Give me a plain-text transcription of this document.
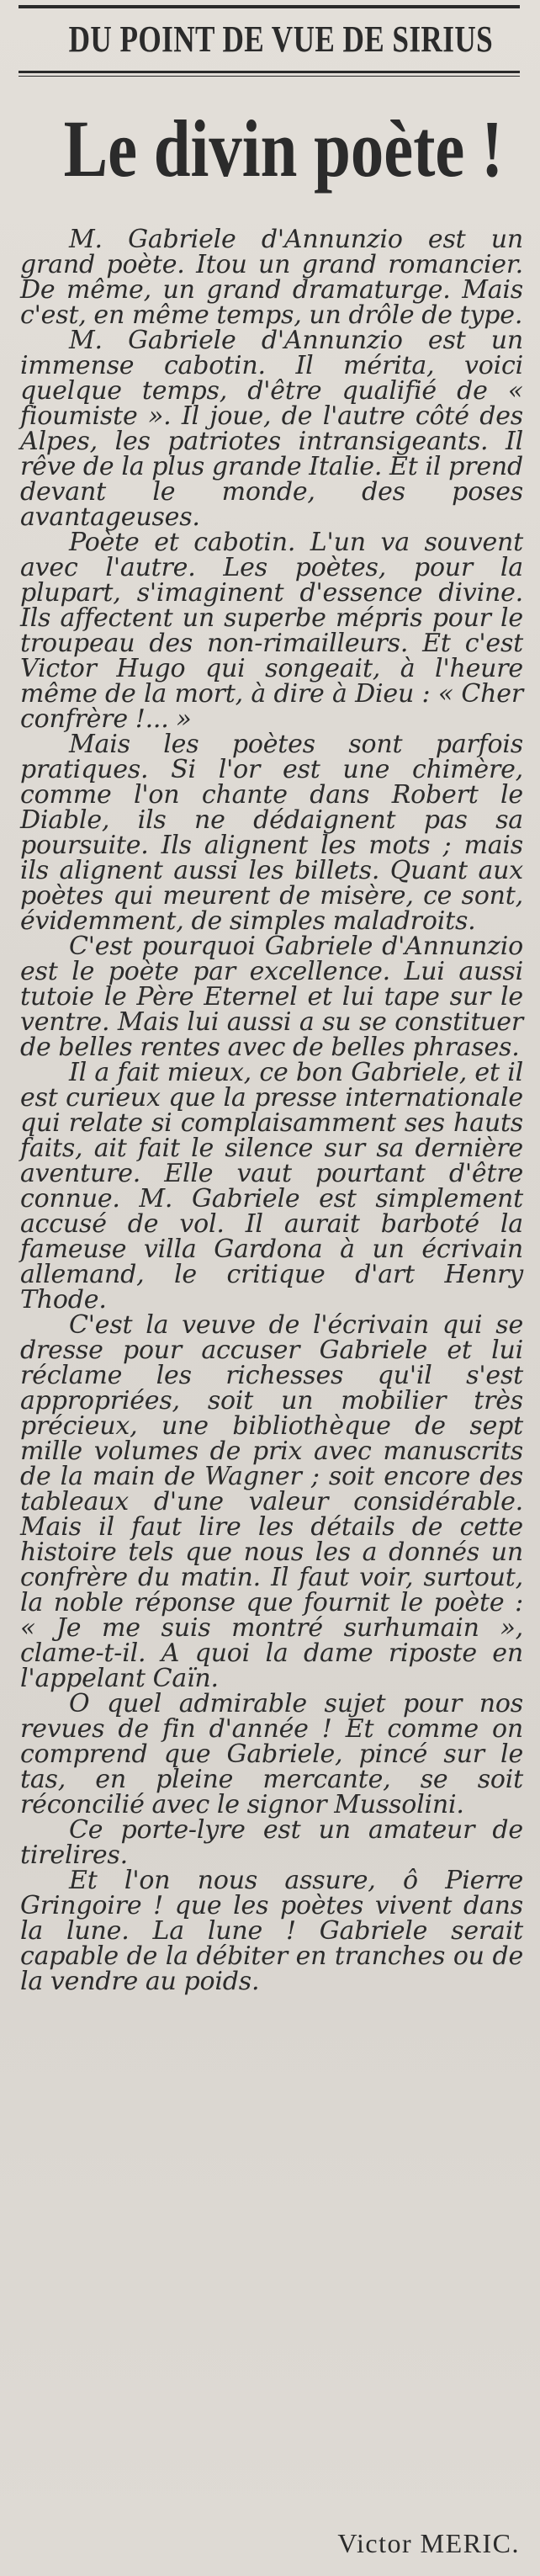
DU POINT DE VUE DE SIRIUS
Le divin poète !

M. Gabriele d'Annunzio est un grand poète. Itou un grand romancier. De même, un grand dramaturge. Mais c'est, en même temps, un drôle de type.

M. Gabriele d'Annunzio est un immense cabotin. Il mérita, voici quelque temps, d'être qualifié de « fioumiste ». Il joue, de l'autre côté des Alpes, les patriotes intransigeants. Il rêve de la plus grande Italie. Et il prend devant le monde, des poses avantageuses.

Poète et cabotin. L'un va souvent avec l'autre. Les poètes, pour la plupart, s'imaginent d'essence divine. Ils affectent un superbe mépris pour le troupeau des non-rimailleurs. Et c'est Victor Hugo qui songeait, à l'heure même de la mort, à dire à Dieu : « Cher confrère !... »

Mais les poètes sont parfois pratiques. Si l'or est une chimère, comme l'on chante dans Robert le Diable, ils ne dédaignent pas sa poursuite. Ils alignent les mots ; mais ils alignent aussi les billets. Quant aux poètes qui meurent de misère, ce sont, évidemment, de simples maladroits.

C'est pourquoi Gabriele d'Annunzio est le poète par excellence. Lui aussi tutoie le Père Eternel et lui tape sur le ventre. Mais lui aussi a su se constituer de belles rentes avec de belles phrases.

Il a fait mieux, ce bon Gabriele, et il est curieux que la presse internationale qui relate si complaisamment ses hauts faits, ait fait le silence sur sa dernière aventure. Elle vaut pourtant d'être connue. M. Gabriele est simplement accusé de vol. Il aurait barboté la fameuse villa Gardona à un écrivain allemand, le critique d'art Henry Thode.

C'est la veuve de l'écrivain qui se dresse pour accuser Gabriele et lui réclame les richesses qu'il s'est appropriées, soit un mobilier très précieux, une bibliothèque de sept mille volumes de prix avec manuscrits de la main de Wagner ; soit encore des tableaux d'une valeur considérable. Mais il faut lire les détails de cette histoire tels que nous les a donnés un confrère du matin. Il faut voir, surtout, la noble réponse que fournit le poète : « Je me suis montré surhumain », clame-t-il. A quoi la dame riposte en l'appelant Caïn.

O quel admirable sujet pour nos revues de fin d'année ! Et comme on comprend que Gabriele, pincé sur le tas, en pleine mercante, se soit réconcilié avec le signor Mussolini.

Ce porte-lyre est un amateur de tirelires.

Et l'on nous assure, ô Pierre Gringoire ! que les poètes vivent dans la lune. La lune ! Gabriele serait capable de la débiter en tranches ou de la vendre au poids.

Victor MERIC.
